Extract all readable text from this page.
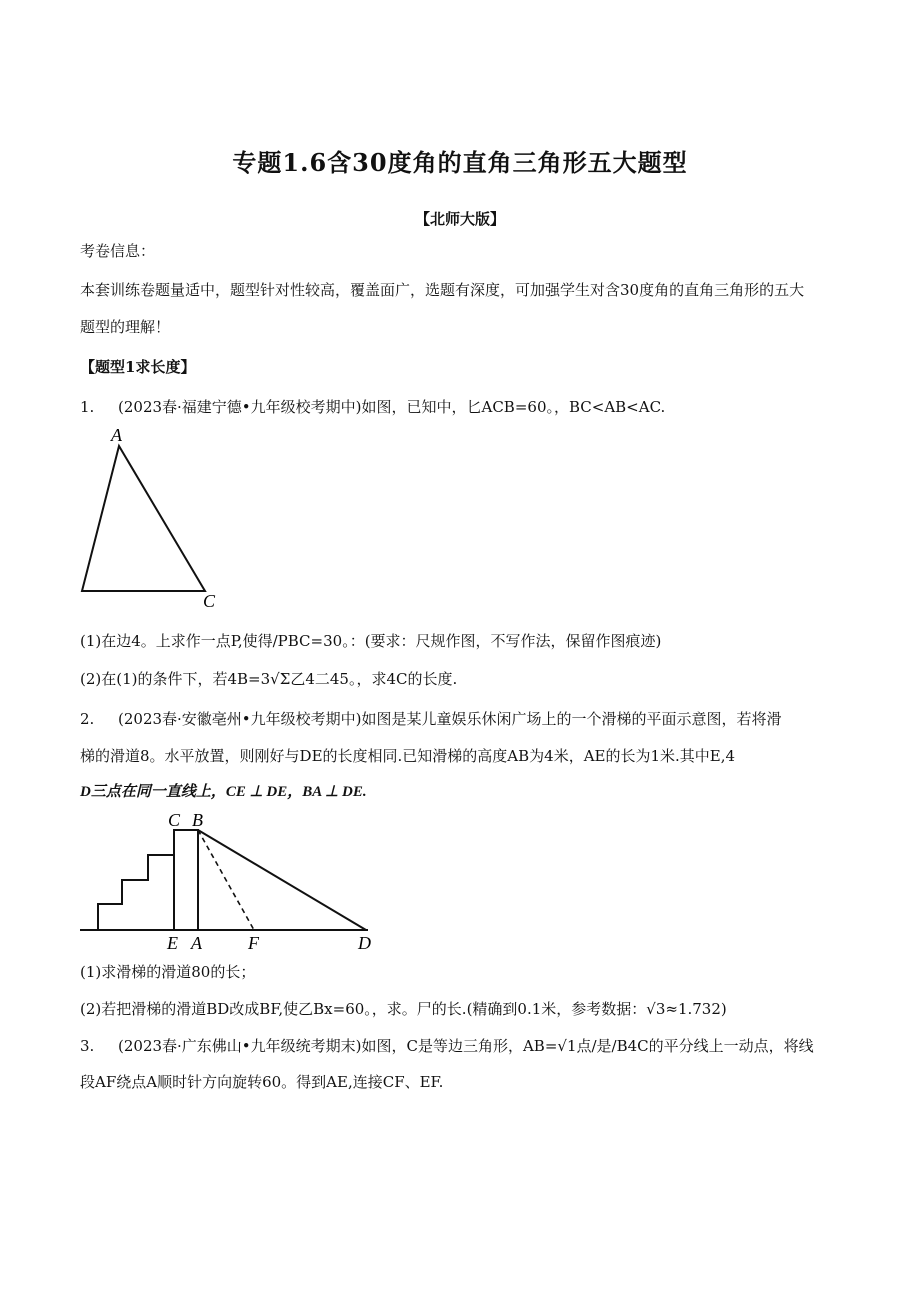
专题1.6含30度角的直角三角形五大题型
【北师大版】
考卷信息：
本套训练卷题量适中，题型针对性较高，覆盖面广，选题有深度，可加强学生对含30度角的直角三角形的五大
题型的理解！
【题型1求长度】
1. (2023春·福建宁德•九年级校考期中)如图，已知中，匕ACB=60。，BC<AB<AC.
A
C
(1)在边4。上求作一点P,使得/PBC=30。：(要求：尺规作图，不写作法，保留作图痕迹)
(2)在(1)的条件下，若4B=3√Σ乙4二45。，求4C的长度.
2. (2023春·安徽亳州•九年级校考期中)如图是某儿童娱乐休闲广场上的一个滑梯的平面示意图，若将滑
梯的滑道8。水平放置，则刚好与DE的长度相同.已知滑梯的高度AB为4米，AE的长为1米.其中E,4
D三点在同一直线上，CE ⊥ DE，BA ⊥ DE.
C B
E A	F	D
(1)求滑梯的滑道80的长；
(2)若把滑梯的滑道BD改成BF,使乙Bx=60。，求。尸的长.(精确到0.1米，参考数据：√3≈1.732)
3. (2023春·广东佛山•九年级统考期末)如图，C是等边三角形，AB=√1点/是/B4C的平分线上一动点，将线
段AF绕点A顺时针方向旋转60。得到AE,连接CF、EF.
